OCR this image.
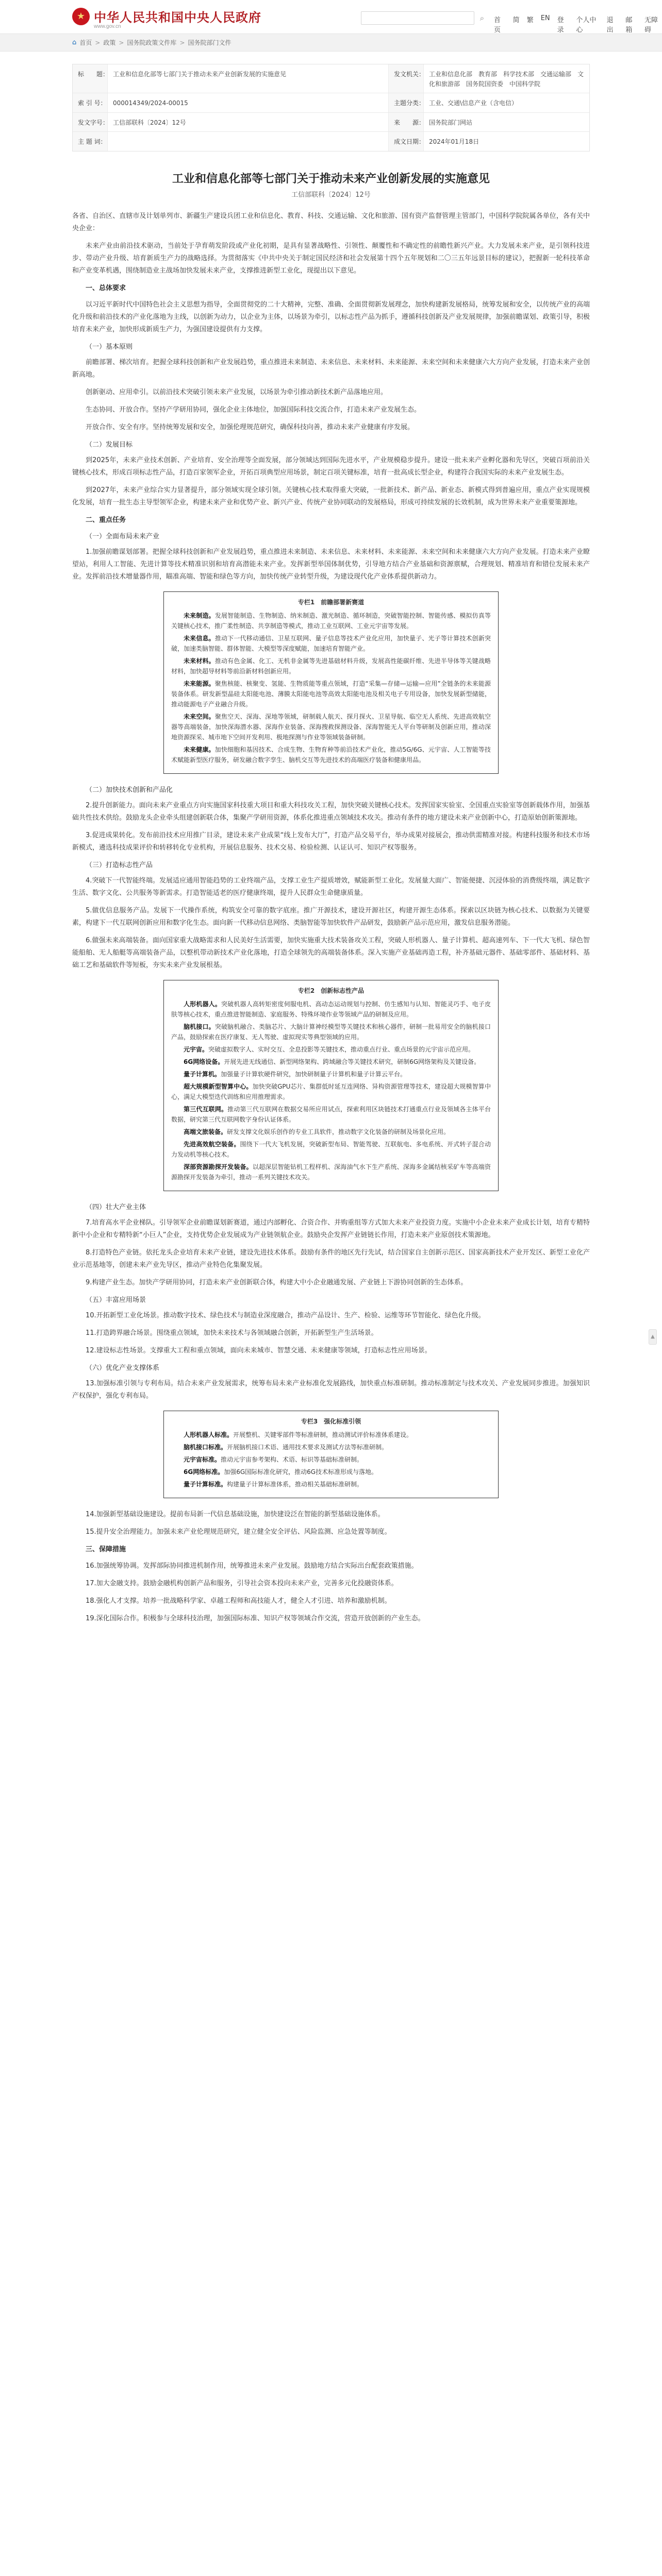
★ 中华人民共和国中央人民政府
www.gov.cn
⌕	首页
简 繁 EN 登录
个人中心
退出
邮箱
无障碍
⌂ 首页 > 政策 > 国务院政策文件库 > 国务院部门文件
标　　题： 工业和信息化部等七部门关于推动未来产业创新发展的实施意见	发文机关： 工业和信息化部　教育部　科学技术部　交通运输部　文化和旅游部　国务院国资委　中国科学院
索 引 号：	000014349/2024-00015	主题分类： 工业、交通\信息产业（含电信）
发文字号： 工信部联科〔2024〕12号	来　　源： 国务院部门网站
主 题 词：	成文日期： 2024年01月18日
工业和信息化部等七部门关于推动未来产业创新发展的实施意见
工信部联科〔2024〕12号

各省、自治区、直辖市及计划单列市、新疆生产建设兵团工业和信息化、教育、科技、交通运输、文化和旅游、国有资产监督管理主管部门，中国科学院院属各单位，各有关中央企业：

未来产业由前沿技术驱动，当前处于孕育萌发阶段或产业化初期，是具有显著战略性、引领性、颠覆性和不确定性的前瞻性新兴产业。大力发展未来产业，是引领科技进步、带动产业升级、培育新质生产力的战略选择。为贯彻落实《中共中央关于制定国民经济和社会发展第十四个五年规划和二〇三五年远景目标的建议》，把握新一轮科技革命和产业变革机遇，围绕制造业主战场加快发展未来产业，支撑推进新型工业化，现提出以下意见。

一、总体要求

以习近平新时代中国特色社会主义思想为指导，全面贯彻党的二十大精神，完整、准确、全面贯彻新发展理念，加快构建新发展格局，统筹发展和安全，以传统产业的高端化升级和前沿技术的产业化落地为主线，以创新为动力，以企业为主体，以场景为牵引，以标志性产品为抓手，遵循科技创新及产业发展规律，加强前瞻谋划、政策引导，积极培育未来产业，加快形成新质生产力，为强国建设提供有力支撑。

（一）基本原则

前瞻部署、梯次培育。把握全球科技创新和产业发展趋势，重点推进未来制造、未来信息、未来材料、未来能源、未来空间和未来健康六大方向产业发展，打造未来产业创新高地。

创新驱动、应用牵引。以前沿技术突破引领未来产业发展，以场景为牵引推动新技术新产品落地应用。

生态协同、开放合作。坚持产学研用协同，强化企业主体地位，加强国际科技交流合作，打造未来产业发展生态。

开放合作、安全有序。坚持统筹发展和安全，加强伦理规范研究，确保科技向善，推动未来产业健康有序发展。

（二）发展目标

到2025年，未来产业技术创新、产业培育、安全治理等全面发展，部分领域达到国际先进水平，产业规模稳步提升。建设一批未来产业孵化器和先导区，突破百项前沿关键核心技术，形成百项标志性产品，打造百家领军企业，开拓百项典型应用场景，制定百项关键标准，培育一批高成长型企业，构建符合我国实际的未来产业发展生态。

到2027年，未来产业综合实力显著提升，部分领域实现全球引领。关键核心技术取得重大突破，一批新技术、新产品、新业态、新模式得到普遍应用，重点产业实现规模化发展，培育一批生态主导型领军企业，构建未来产业和优势产业、新兴产业、传统产业协同联动的发展格局，形成可持续发展的长效机制，成为世界未来产业重要策源地。

二、重点任务
（一）全面布局未来产业

1.加强前瞻谋划部署。把握全球科技创新和产业发展趋势，重点推进未来制造、未来信息、未来材料、未来能源、未来空间和未来健康六大方向产业发展。打造未来产业瞭望站，利用人工智能、先进计算等技术精准识别和培育高潜能未来产业。发挥新型举国体制优势，引导地方结合产业基础和资源禀赋，合理规划、精准培育和错位发展未来产业。发挥前沿技术增量器作用，瞄准高端、智能和绿色等方向，加快传统产业转型升级，为建设现代化产业体系提供新动力。

专栏1　前瞻部署新赛道

未来制造。发展智能制造、生物制造、纳米制造、激光制造、循环制造，突破智能控制、智能传感、模拟仿真等关键核心技术，推广柔性制造、共享制造等模式，推动工业互联网、工业元宇宙等发展。

未来信息。推动下一代移动通信、卫星互联网、量子信息等技术产业化应用，加快量子、光子等计算技术创新突破，加速类脑智能、群体智能、大模型等深度赋能，加速培育智能产业。

未来材料。推动有色金属、化工、无机非金属等先进基础材料升级，发展高性能碳纤维、先进半导体等关键战略材料，加快超导材料等前沿新材料创新应用。

未来能源。聚焦核能、核聚变、氢能、生物质能等重点领域，打造“采集—存储—运输—应用”全链条的未来能源装备体系。研发新型晶硅太阳能电池、薄膜太阳能电池等高效太阳能电池及相关电子专用设备，加快发展新型储能，推动能源电子产业融合升级。

未来空间。聚焦空天、深海、深地等领域，研制载人航天、探月探火、卫星导航、临空无人系统、先进高效航空器等高端装备，加快深海潜水器、深海作业装备、深海搜救探测设备、深海智能无人平台等研制及创新应用，推动深地资源探采、城市地下空间开发利用、极地探测与作业等领域装备研制。

未来健康。加快细胞和基因技术、合成生物、生物育种等前沿技术产业化，推动5G/6G、元宇宙、人工智能等技术赋能新型医疗服务，研发融合数字孪生、脑机交互等先进技术的高端医疗装备和健康用品。

（二）加快技术创新和产品化

2.提升创新能力。面向未来产业重点方向实施国家科技重大项目和重大科技攻关工程，加快突破关键核心技术。发挥国家实验室、全国重点实验室等创新载体作用，加强基础共性技术供给。鼓励龙头企业牵头组建创新联合体，集聚产学研用资源，体系化推进重点领域技术攻关。推动有条件的地方建设未来产业创新中心，打造原始创新策源地。

3.促进成果转化。发布前沿技术应用推广目录，建设未来产业成果“线上发布大厅”，打造产品交易平台，举办成果对接展会，推动供需精准对接。构建科技服务和技术市场新模式，遴选科技成果评价和转移转化专业机构，开展信息服务、技术交易、检验检测、认证认可、知识产权等服务。

（三）打造标志性产品

4.突破下一代智能终端。发展适应通用智能趋势的工业终端产品，支撑工业生产提质增效，赋能新型工业化。发展量大面广、智能便捷、沉浸体验的消费级终端，满足数字生活、数字文化、公共服务等新需求。打造智能适老的医疗健康终端，提升人民群众生命健康质量。

5.做优信息服务产品。发展下一代操作系统，构筑安全可靠的数字底座。推广开源技术，建设开源社区，构建开源生态体系。探索以区块链为核心技术、以数据为关键要素，构建下一代互联网创新应用和数字化生态。面向新一代移动信息网络、类脑智能等加快软件产品研发，鼓励新产品示范应用，激发信息服务潜能。

6.做强未来高端装备。面向国家重大战略需求和人民美好生活需要，加快实施重大技术装备攻关工程，突破人形机器人、量子计算机、超高速列车、下一代大飞机、绿色智能船舶、无人船艇等高端装备产品，以整机带动新技术产业化落地，打造全球领先的高端装备体系。深入实施产业基础再造工程，补齐基础元器件、基础零部件、基础材料、基础工艺和基础软件等短板，夯实未来产业发展根基。

专栏2　创新标志性产品

人形机器人。突破机器人高转矩密度伺服电机、高动态运动规划与控制、仿生感知与认知、智能灵巧手、电子皮肤等核心技术，重点推进智能制造、家庭服务、特殊环境作业等领域产品的研制及应用。

脑机接口。突破脑机融合、类脑芯片、大脑计算神经模型等关键技术和核心器件，研制一批易用安全的脑机接口产品，鼓励探索在医疗康复、无人驾驶、虚拟现实等典型领域的应用。

元宇宙。突破虚拟数字人、实时交互、全息投影等关键技术，推动重点行业、重点场景的元宇宙示范应用。

6G网络设备。开展先进无线通信、新型网络架构、跨域融合等关键技术研究，研制6G网络架构及关键设备。

量子计算机。加强量子计算软硬件研究，加快研制量子计算机和量子计算云平台。

超大规模新型智算中心。加快突破GPU芯片、集群低时延互连网络、异构资源管理等技术，建设超大规模智算中心，满足大模型迭代训练和应用推理需求。

第三代互联网。推动第三代互联网在数据交易所应用试点，探索利用区块链技术打通重点行业及领域各主体平台数据，研究第三代互联网数字身份认证体系。

高端文旅装备。研发支撑文化娱乐创作的专业工具软件，推动数字文化装备的研制及场景化应用。

先进高效航空装备。围绕下一代大飞机发展，突破新型布局、智能驾驶、互联航电、多电系统、开式转子混合动力发动机等核心技术。

深部资源勘探开发装备。以超深层智能钻机工程样机、深海油气水下生产系统、深海多金属结核采矿车等高端资源勘探开发装备为牵引，推动一系列关键技术攻关。

（四）壮大产业主体

7.培育高水平企业梯队。引导领军企业前瞻谋划新赛道，通过内部孵化、合资合作、并购重组等方式加大未来产业投资力度。实施中小企业未来产业成长计划，培育专精特新中小企业和专精特新“小巨人”企业，支持优势企业发展成为产业链领航企业。鼓励央企发挥产业链链长作用，打造未来产业原创技术策源地。

8.打造特色产业链。依托龙头企业培育未来产业链，建设先进技术体系。鼓励有条件的地区先行先试，结合国家自主创新示范区、国家高新技术产业开发区、新型工业化产业示范基地等，创建未来产业先导区，推动产业特色化集聚发展。

9.构建产业生态。加快产学研用协同，打造未来产业创新联合体，构建大中小企业融通发展、产业链上下游协同创新的生态体系。

（五）丰富应用场景

10.开拓新型工业化场景。推动数字技术、绿色技术与制造业深度融合，推动产品设计、生产、检验、运维等环节智能化、绿色化升级。

11.打造跨界融合场景。围绕重点领域，加快未来技术与各领域融合创新，开拓新型生产生活场景。

12.建设标志性场景。支撑重大工程和重点领域，面向未来城市、智慧交通、未来健康等领域，打造标志性应用场景。

（六）优化产业支撑体系

13.加强标准引领与专利布局。结合未来产业发展需求，统筹布局未来产业标准化发展路线，加快重点标准研制。推动标准制定与技术攻关、产业发展同步推进。加强知识产权保护，强化专利布局。

专栏3　强化标准引领

人形机器人标准。开展整机、关键零部件等标准研制，推动测试评价标准体系建设。

脑机接口标准。开展脑机接口术语、通用技术要求及测试方法等标准研制。

元宇宙标准。推动元宇宙参考架构、术语、标识等基础标准研制。

6G网络标准。加强6G国际标准化研究，推动6G技术标准形成与落地。

量子计算标准。构建量子计算标准体系，推动相关基础标准研制。

14.加强新型基础设施建设。提前布局新一代信息基础设施，加快建设泛在智能的新型基础设施体系。

15.提升安全治理能力。加强未来产业伦理规范研究，建立健全安全评估、风险监测、应急处置等制度。

三、保障措施

16.加强统筹协调。发挥部际协同推进机制作用，统筹推进未来产业发展。鼓励地方结合实际出台配套政策措施。

17.加大金融支持。鼓励金融机构创新产品和服务，引导社会资本投向未来产业，完善多元化投融资体系。

18.强化人才支撑。培养一批战略科学家、卓越工程师和高技能人才，健全人才引进、培养和激励机制。

19.深化国际合作。积极参与全球科技治理，加强国际标准、知识产权等领域合作交流，营造开放创新的产业生态。

▲
